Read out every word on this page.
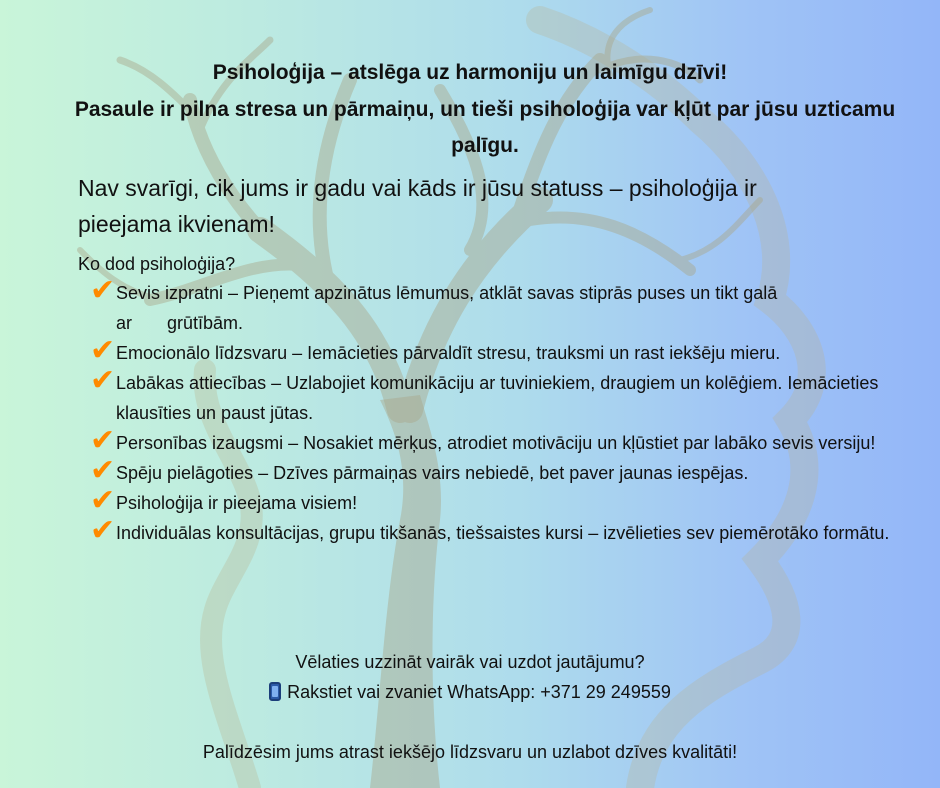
Psiholoģija – atslēga uz harmoniju un laimīgu dzīvi!

Pasaule ir pilna stresa un pārmaiņu, un tieši psiholoģija var kļūt par jūsu uzticamu palīgu.

Nav svarīgi, cik jums ir gadu vai kāds ir jūsu statuss – psiholoģija ir pieejama ikvienam!

Ko dod psiholoģija?

✔ Sevis izpratni – Pieņemt apzinātus lēmumus, atklāt savas stiprās puses un tikt galā ar       grūtībām.
✔ Emocionālo līdzsvaru – Iemācieties pārvaldīt stresu, trauksmi un rast iekšēju mieru.
✔ Labākas attiecības – Uzlabojiet komunikāciju ar tuviniekiem, draugiem un kolēģiem. Iemācieties klausīties un paust jūtas.
✔ Personības izaugsmi – Nosakiet mērķus, atrodiet motivāciju un kļūstiet par labāko sevis versiju!
✔ Spēju pielāgoties – Dzīves pārmaiņas vairs nebiedē, bet paver jaunas iespējas.
✔ Psiholoģija ir pieejama visiem!
✔ Individuālas konsultācijas, grupu tikšanās, tiešsaistes kursi – izvēlieties sev piemērotāko formātu.

Vēlaties uzzināt vairāk vai uzdot jautājumu?

Rakstiet vai zvaniet WhatsApp: +371 29 249559

Palīdzēsim jums atrast iekšējo līdzsvaru un uzlabot dzīves kvalitāti!
